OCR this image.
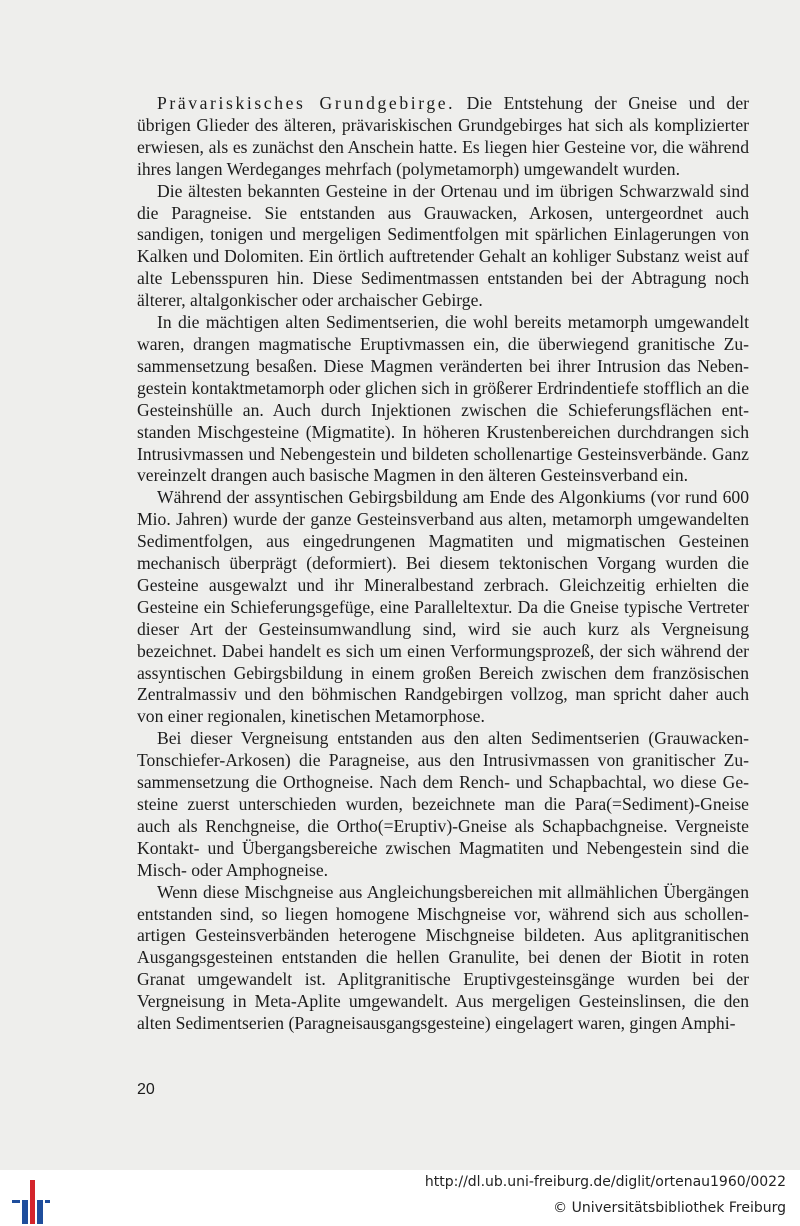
Prävariskisches Grundgebirge. Die Entstehung der Gneise und der übrigen Glieder des älteren, prävariskischen Grundgebirges hat sich als komplizierter erwiesen, als es zunächst den Anschein hatte. Es liegen hier Gesteine vor, die während ihres langen Werdeganges mehrfach (polymetamorph) umgewandelt wurden.

Die ältesten bekannten Gesteine in der Ortenau und im übrigen Schwarzwald sind die Paragneise. Sie entstanden aus Grauwacken, Arkosen, untergeordnet auch sandigen, tonigen und mergeligen Sedimentfolgen mit spärlichen Einlagerungen von Kalken und Dolomiten. Ein örtlich auftretender Gehalt an kohliger Substanz weist auf alte Lebensspuren hin. Diese Sedimentmassen entstanden bei der Abtragung noch älterer, altalgonkischer oder archaischer Gebirge.

In die mächtigen alten Sedimentserien, die wohl bereits metamorph umgewandelt waren, drangen magmatische Eruptivmassen ein, die überwiegend granitische Zusammensetzung besaßen. Diese Magmen veränderten bei ihrer Intrusion das Nebengestein kontaktmetamorph oder glichen sich in größerer Erdrindentiefe stofflich an die Gesteinshülle an. Auch durch Injektionen zwischen die Schieferungsflächen entstanden Mischgesteine (Migmatite). In höheren Krustenbereichen durchdrangen sich Intrusivmassen und Nebengestein und bildeten schollenartige Gesteinsverbände. Ganz vereinzelt drangen auch basische Magmen in den älteren Gesteinsverband ein.

Während der assyntischen Gebirgsbildung am Ende des Algonkiums (vor rund 600 Mio. Jahren) wurde der ganze Gesteinsverband aus alten, metamorph umgewandelten Sedimentfolgen, aus eingedrungenen Magmatiten und migmatischen Gesteinen mechanisch überprägt (deformiert). Bei diesem tektonischen Vorgang wurden die Gesteine ausgewalzt und ihr Mineralbestand zerbrach. Gleichzeitig erhielten die Gesteine ein Schieferungsgefüge, eine Paralleltextur. Da die Gneise typische Vertreter dieser Art der Gesteinsumwandlung sind, wird sie auch kurz als Vergneisung bezeichnet. Dabei handelt es sich um einen Verformungsprozeß, der sich während der assyntischen Gebirgsbildung in einem großen Bereich zwischen dem französischen Zentralmassiv und den böhmischen Randgebirgen vollzog, man spricht daher auch von einer regionalen, kinetischen Metamorphose.

Bei dieser Vergneisung entstanden aus den alten Sedimentserien (Grauwacken-Tonschiefer-Arkosen) die Paragneise, aus den Intrusivmassen von granitischer Zusammensetzung die Orthogneise. Nach dem Rench- und Schapbachtal, wo diese Gesteine zuerst unterschieden wurden, bezeichnete man die Para(=Sediment)-Gneise auch als Renchgneise, die Ortho(=Eruptiv)-Gneise als Schapbachgneise. Vergneiste Kontakt- und Übergangsbereiche zwischen Magmatiten und Nebengestein sind die Misch- oder Amphogneise.

Wenn diese Mischgneise aus Angleichungsbereichen mit allmählichen Übergängen entstanden sind, so liegen homogene Mischgneise vor, während sich aus schollenartigen Gesteinsverbänden heterogene Mischgneise bildeten. Aus aplitgranitischen Ausgangsgesteinen entstanden die hellen Granulite, bei denen der Biotit in roten Granat umgewandelt ist. Aplitgranitische Eruptivgesteinsgänge wurden bei der Vergneisung in Meta-Aplite umgewandelt. Aus mergeligen Gesteinslinsen, die den alten Sedimentserien (Paragneisausgangsgesteine) eingelagert waren, gingen Amphi-

20
http://dl.ub.uni-freiburg.de/diglit/ortenau1960/0022
© Universitätsbibliothek Freiburg
